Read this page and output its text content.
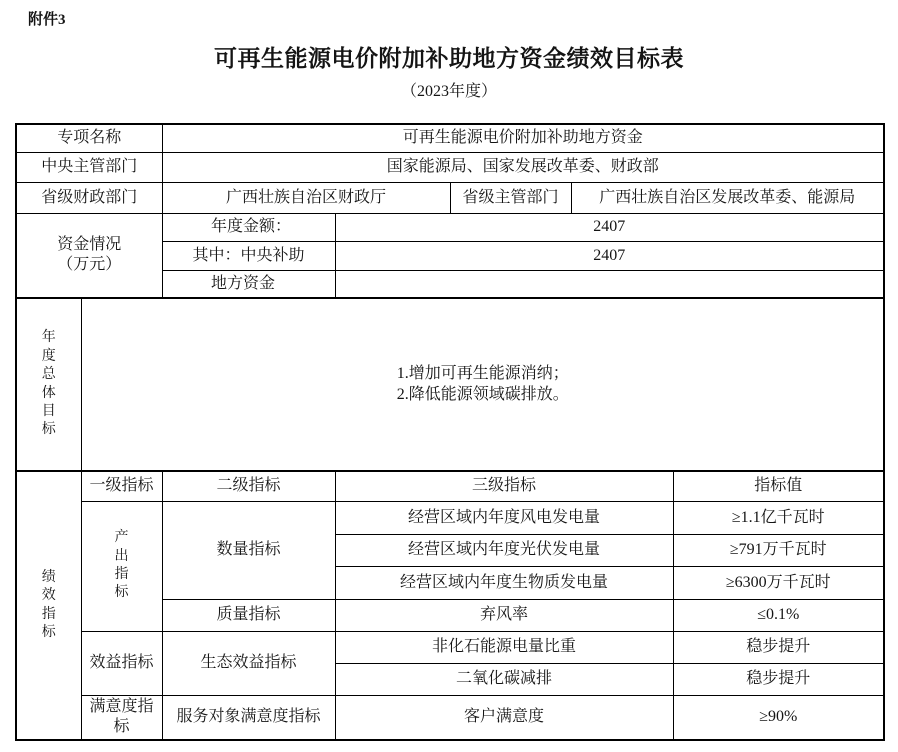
附件3
可再生能源电价附加补助地方资金绩效目标表
（2023年度）
专项名称		可再生能源电价附加补助地方资金		
中央主管部门		国家能源局、国家发展改革委、财政部		
省级财政部门		广西壮族自治区财政厅 省级主管部门 广西壮族自治区发展改革委、能源局		

资金情况
（万元）		年度金额：	2407	
		其中：中央补助	2407	
		地方资金		

年度总体目标	1.增加可再生能源消纳；
2.降低能源领域碳排放。			

绩效指标	一级指标	二级指标	三级指标	指标值

	产出指标	数量指标	经营区域内年度风电发电量	≥1.1亿千瓦时
			经营区域内年度光伏发电量	≥791万千瓦时
			经营区域内年度生物质发电量	≥6300万千瓦时
		质量指标	弃风率	≤0.1%
	效益指标	生态效益指标	非化石能源电量比重	稳步提升
			二氧化碳减排	稳步提升
	满意度指标	服务对象满意度指标	客户满意度	≥90%
